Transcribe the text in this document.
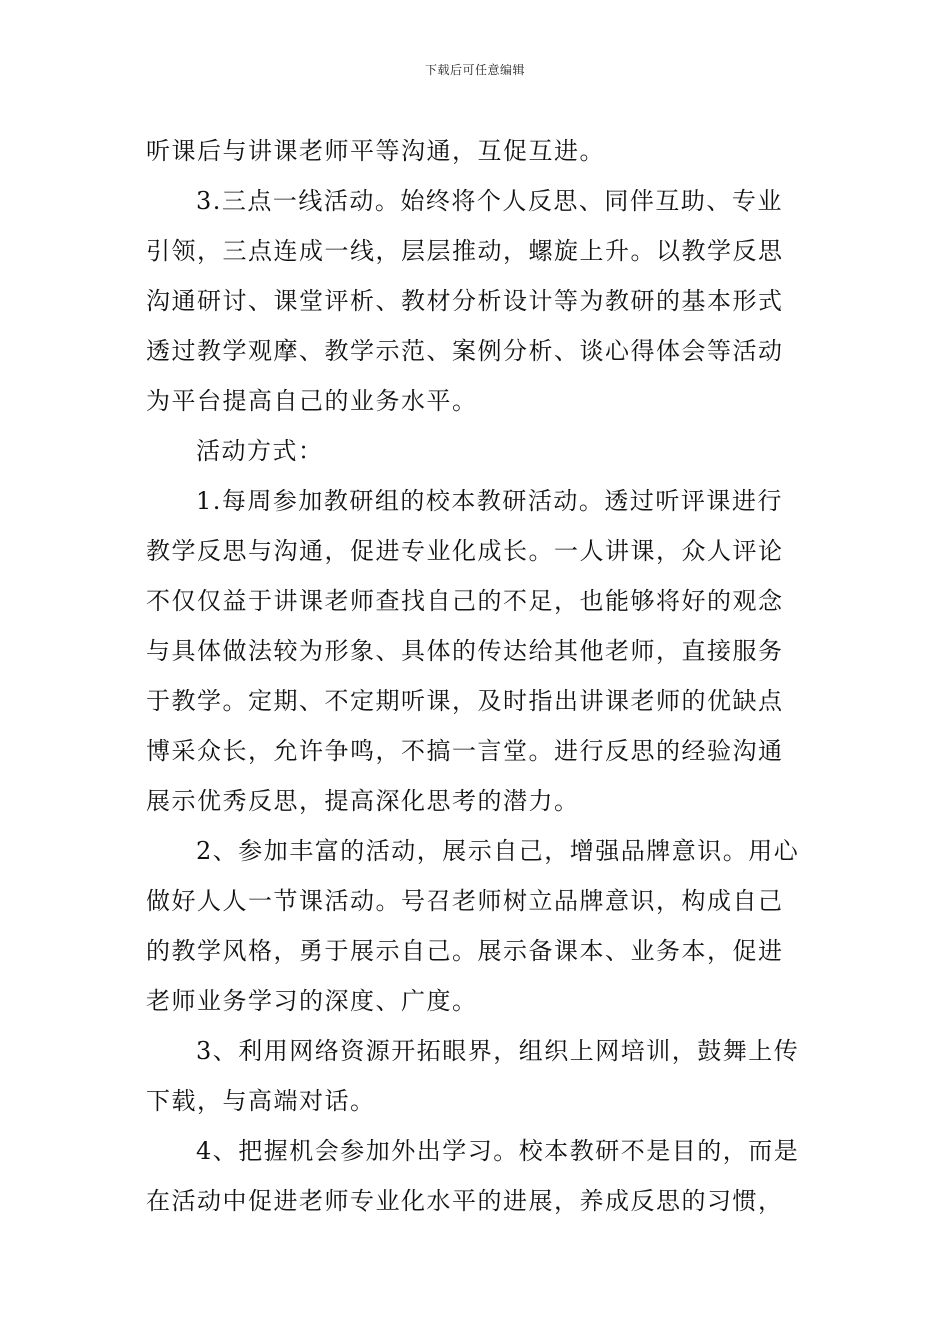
下载后可任意编辑
听课后与讲课老师平等沟通，互促互进。
3.三点一线活动。始终将个人反思、同伴互助、专业
引领，三点连成一线，层层推动，螺旋上升。以教学反思
沟通研讨、课堂评析、教材分析设计等为教研的基本形式
透过教学观摩、教学示范、案例分析、谈心得体会等活动
为平台提高自己的业务水平。
活动方式：
1.每周参加教研组的校本教研活动。透过听评课进行
教学反思与沟通，促进专业化成长。一人讲课，众人评论
不仅仅益于讲课老师查找自己的不足，也能够将好的观念
与具体做法较为形象、具体的传达给其他老师，直接服务
于教学。定期、不定期听课，及时指出讲课老师的优缺点
博采众长，允许争鸣，不搞一言堂。进行反思的经验沟通
展示优秀反思，提高深化思考的潜力。
2、参加丰富的活动，展示自己，增强品牌意识。用心
做好人人一节课活动。号召老师树立品牌意识，构成自己
的教学风格，勇于展示自己。展示备课本、业务本，促进
老师业务学习的深度、广度。
3、利用网络资源开拓眼界，组织上网培训，鼓舞上传
下载，与高端对话。
4、把握机会参加外出学习。校本教研不是目的，而是
在活动中促进老师专业化水平的进展，养成反思的习惯，
